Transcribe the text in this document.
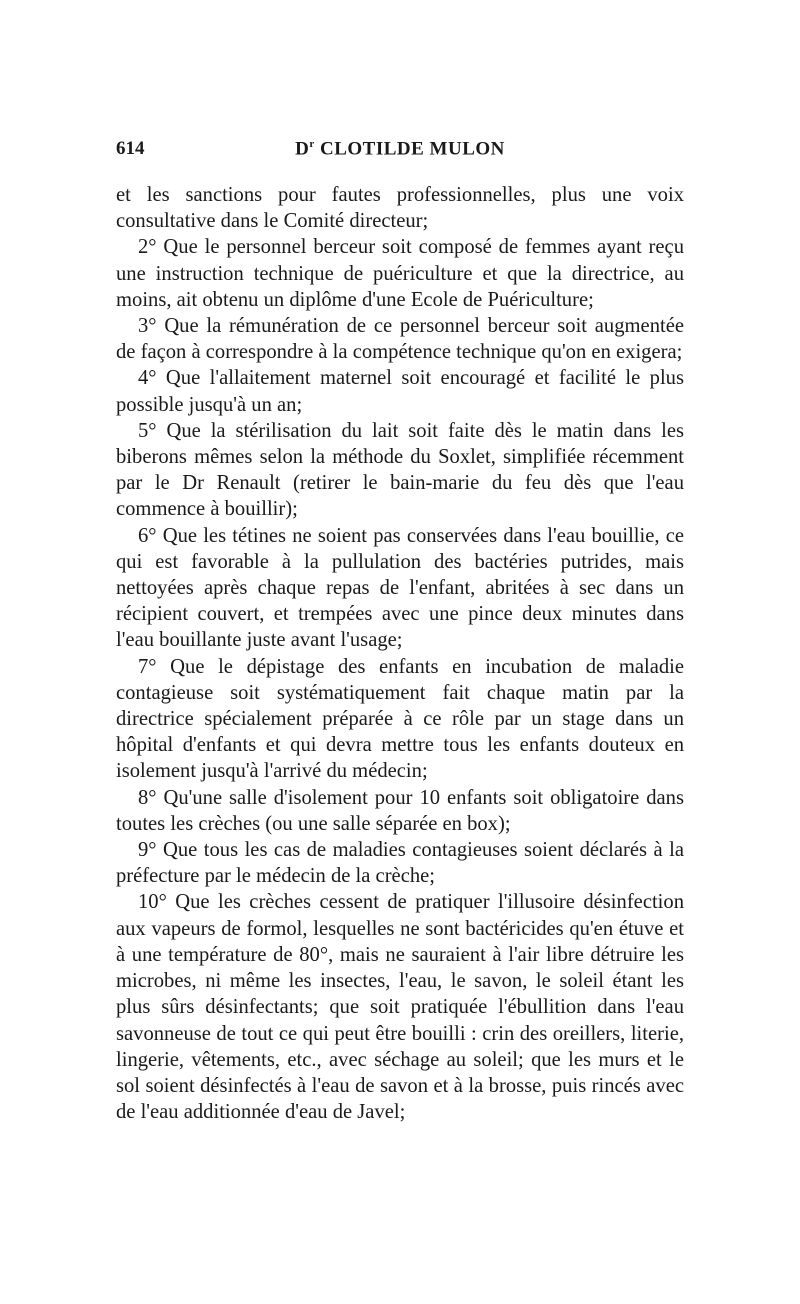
614	$D^r$ CLOTILDE MULON

et les sanctions pour fautes professionnelles, plus une voix consultative dans le Comité directeur;

2° Que le personnel berceur soit composé de femmes ayant reçu une instruction technique de puériculture et que la directrice, au moins, ait obtenu un diplôme d'une Ecole de Puériculture;

3° Que la rémunération de ce personnel berceur soit augmentée de façon à correspondre à la compétence technique qu'on en exigera;

4° Que l'allaitement maternel soit encouragé et facilité le plus possible jusqu'à un an;

5° Que la stérilisation du lait soit faite dès le matin dans les biberons mêmes selon la méthode du Soxlet, simplifiée récemment par le Dr Renault (retirer le bain-marie du feu dès que l'eau commence à bouillir);

6° Que les tétines ne soient pas conservées dans l'eau bouillie, ce qui est favorable à la pullulation des bactéries putrides, mais nettoyées après chaque repas de l'enfant, abritées à sec dans un récipient couvert, et trempées avec une pince deux minutes dans l'eau bouillante juste avant l'usage;

7° Que le dépistage des enfants en incubation de maladie contagieuse soit systématiquement fait chaque matin par la directrice spécialement préparée à ce rôle par un stage dans un hôpital d'enfants et qui devra mettre tous les enfants douteux en isolement jusqu'à l'arrivé du médecin;

8° Qu'une salle d'isolement pour 10 enfants soit obligatoire dans toutes les crèches (ou une salle séparée en box);

9° Que tous les cas de maladies contagieuses soient déclarés à la préfecture par le médecin de la crèche;

10° Que les crèches cessent de pratiquer l'illusoire désinfection aux vapeurs de formol, lesquelles ne sont bactéricides qu'en étuve et à une température de 80°, mais ne sauraient à l'air libre détruire les microbes, ni même les insectes, l'eau, le savon, le soleil étant les plus sûrs désinfectants; que soit pratiquée l'ébullition dans l'eau savonneuse de tout ce qui peut être bouilli : crin des oreillers, literie, lingerie, vêtements, etc., avec séchage au soleil; que les murs et le sol soient désinfectés à l'eau de savon et à la brosse, puis rincés avec de l'eau additionnée d'eau de Javel;
